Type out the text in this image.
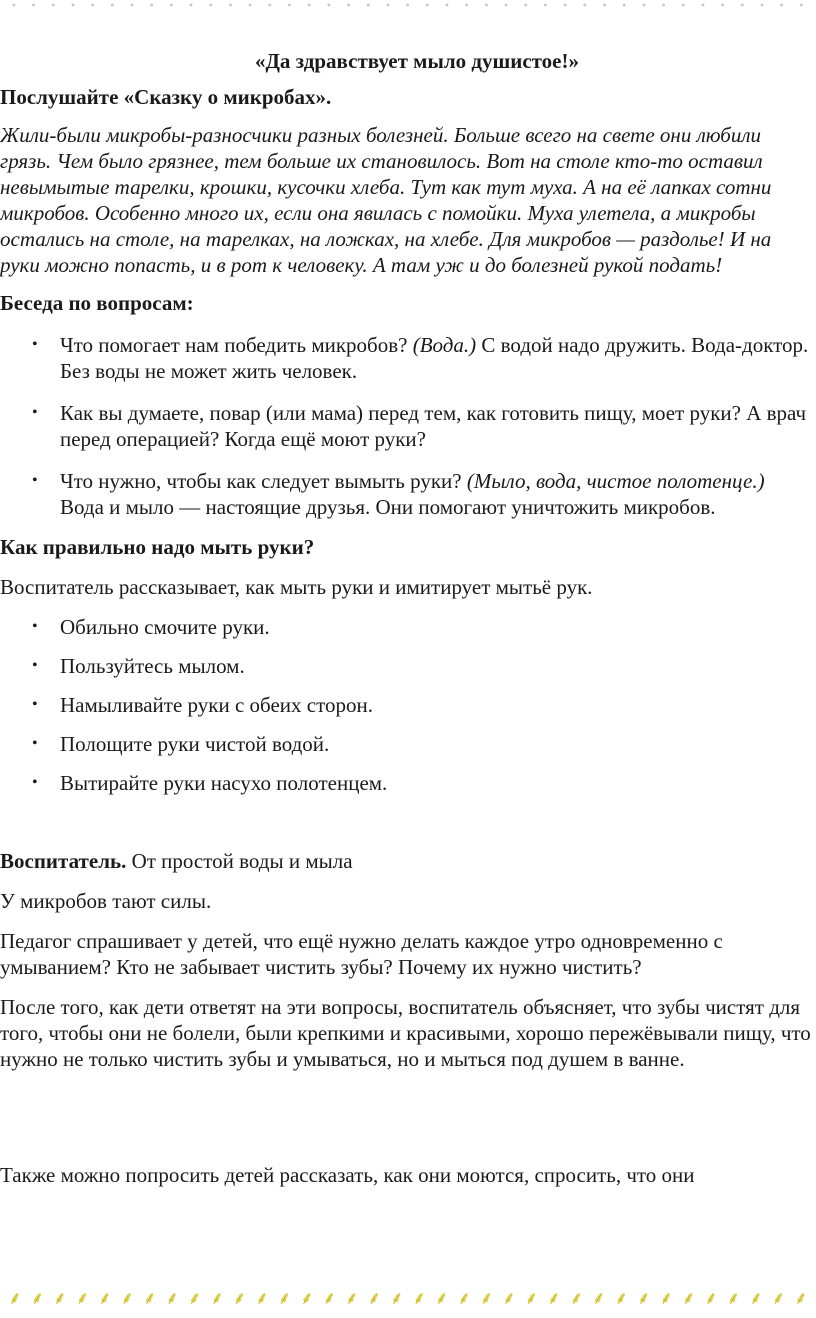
«Да здравствует мыло душистое!»

Послушайте «Сказку о микробах».

Жили-были микробы-разносчики разных болезней. Больше всего на свете они любили грязь. Чем было грязнее, тем больше их становилось. Вот на столе кто-то оставил невымытые тарелки, крошки, кусочки хлеба. Тут как тут муха. А на её лапках сотни микробов. Особенно много их, если она явилась с помойки. Муха улетела, а микробы остались на столе, на тарелках, на ложках, на хлебе. Для микробов — раздолье! И на руки можно попасть, и в рот к человеку. А там уж и до болезней рукой подать!

Беседа по вопросам:

• Что помогает нам победить микробов? (Вода.) С водой надо дружить. Вода-доктор. Без воды не может жить человек.
• Как вы думаете, повар (или мама) перед тем, как готовить пищу, моет руки? А врач перед операцией? Когда ещё моют руки?
• Что нужно, чтобы как следует вымыть руки? (Мыло, вода, чистое полотенце.) Вода и мыло — настоящие друзья. Они помогают уничтожить микробов.

Как правильно надо мыть руки?

Воспитатель рассказывает, как мыть руки и имитирует мытьё рук.

• Обильно смочите руки.
• Пользуйтесь мылом.
• Намыливайте руки с обеих сторон.
• Полощите руки чистой водой.
• Вытирайте руки насухо полотенцем.

Воспитатель. От простой воды и мыла

У микробов тают силы.

Педагог спрашивает у детей, что ещё нужно делать каждое утро одновременно с умыванием? Кто не забывает чистить зубы? Почему их нужно чистить?

После того, как дети ответят на эти вопросы, воспитатель объясняет, что зубы чистят для того, чтобы они не болели, были крепкими и красивыми, хорошо пережёвывали пищу, что нужно не только чистить зубы и умываться, но и мыться под душем в ванне.

Также можно попросить детей рассказать, как они моются, спросить, что они

⸙ ⸙ ⸙ ⸙ ⸙ ⸙ ⸙ ⸙ ⸙ ⸙ ⸙ ⸙ ⸙ ⸙ ⸙ ⸙ ⸙ ⸙ ⸙ ⸙ ⸙ ⸙ ⸙ ⸙ ⸙ ⸙ ⸙ ⸙ ⸙ ⸙ ⸙ ⸙ ⸙ ⸙ ⸙ ⸙
